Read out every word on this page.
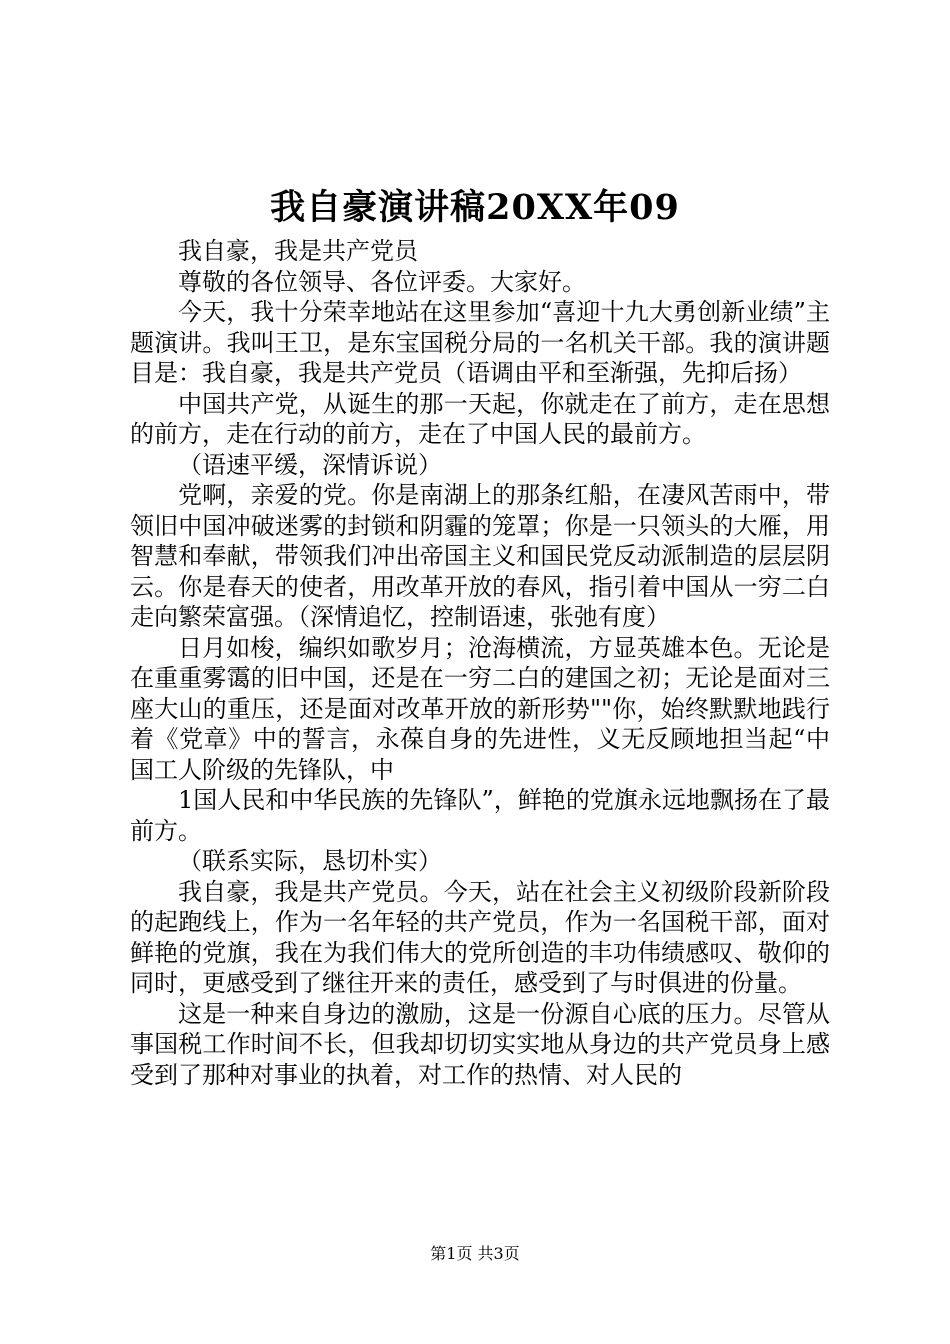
我自豪演讲稿20XX年09

我自豪，我是共产党员

尊敬的各位领导、各位评委。大家好。

今天，我十分荣幸地站在这里参加“喜迎十九大勇创新业绩”主题演讲。我叫王卫，是东宝国税分局的一名机关干部。我的演讲题目是：我自豪，我是共产党员（语调由平和至渐强，先抑后扬）

中国共产党，从诞生的那一天起，你就走在了前方，走在思想的前方，走在行动的前方，走在了中国人民的最前方。

（语速平缓，深情诉说）

党啊，亲爱的党。你是南湖上的那条红船，在凄风苦雨中，带领旧中国冲破迷雾的封锁和阴霾的笼罩；你是一只领头的大雁，用智慧和奉献，带领我们冲出帝国主义和国民党反动派制造的层层阴云。你是春天的使者，用改革开放的春风，指引着中国从一穷二白走向繁荣富强。（深情追忆，控制语速，张弛有度）

日月如梭，编织如歌岁月；沧海横流，方显英雄本色。无论是在重重雾霭的旧中国，还是在一穷二白的建国之初；无论是面对三座大山的重压，还是面对改革开放的新形势""你，始终默默地践行着《党章》中的誓言，永葆自身的先进性，义无反顾地担当起“中国工人阶级的先锋队，中

1国人民和中华民族的先锋队”，鲜艳的党旗永远地飘扬在了最前方。

（联系实际，恳切朴实）

我自豪，我是共产党员。今天，站在社会主义初级阶段新阶段的起跑线上，作为一名年轻的共产党员，作为一名国税干部，面对鲜艳的党旗，我在为我们伟大的党所创造的丰功伟绩感叹、敬仰的同时，更感受到了继往开来的责任，感受到了与时俱进的份量。

这是一种来自身边的激励，这是一份源自心底的压力。尽管从事国税工作时间不长，但我却切切实实地从身边的共产党员身上感受到了那种对事业的执着，对工作的热情、对人民的

第1页 共3页
